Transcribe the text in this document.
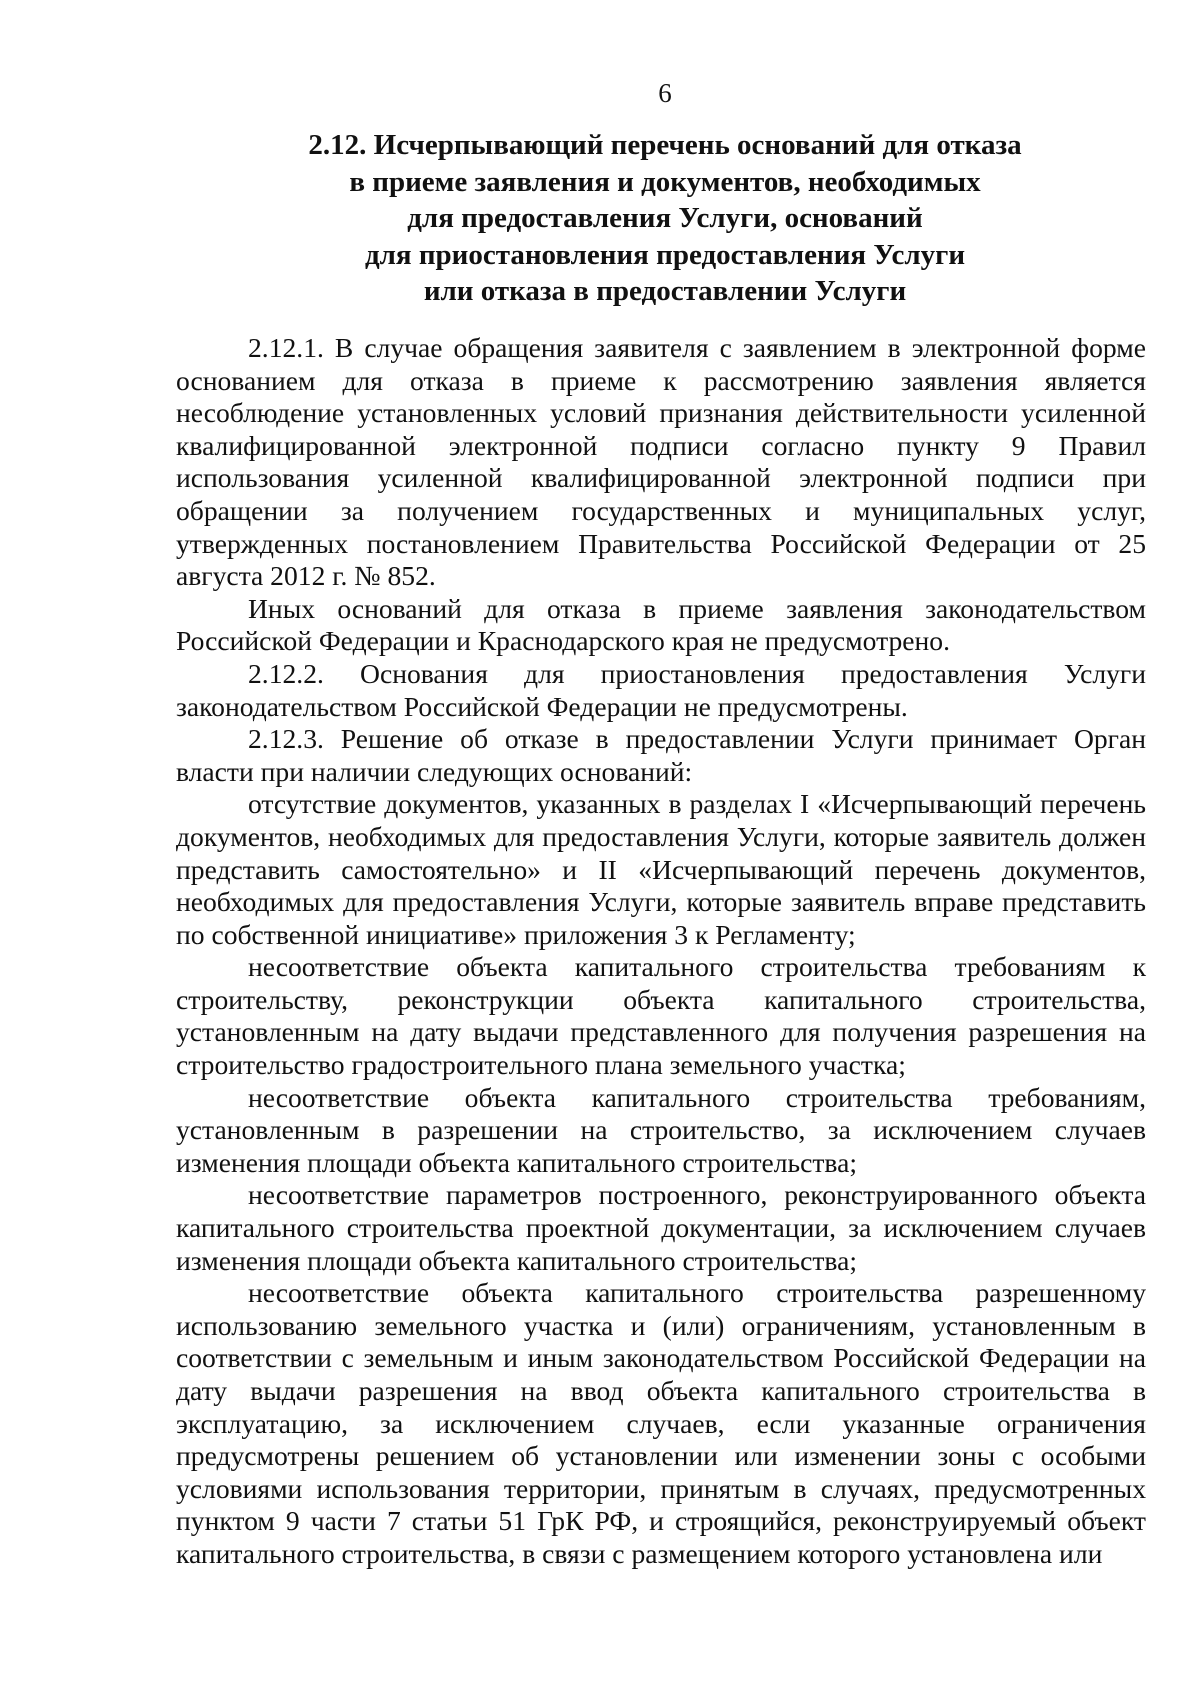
6
2.12. Исчерпывающий перечень оснований для отказа
в приеме заявления и документов, необходимых
для предоставления Услуги, оснований
для приостановления предоставления Услуги
или отказа в предоставлении Услуги

2.12.1. В случае обращения заявителя с заявлением в электронной форме основанием для отказа в приеме к рассмотрению заявления является несоблюдение установленных условий признания действительности усиленной квалифицированной электронной подписи согласно пункту 9 Правил использования усиленной квалифицированной электронной подписи при обращении за получением государственных и муниципальных услуг, утвержденных постановлением Правительства Российской Федерации от 25 августа 2012 г. № 852.

Иных оснований для отказа в приеме заявления законодательством Российской Федерации и Краснодарского края не предусмотрено.

2.12.2. Основания для приостановления предоставления Услуги законодательством Российской Федерации не предусмотрены.

2.12.3. Решение об отказе в предоставлении Услуги принимает Орган власти при наличии следующих оснований:

отсутствие документов, указанных в разделах I «Исчерпывающий перечень документов, необходимых для предоставления Услуги, которые заявитель должен представить самостоятельно» и II «Исчерпывающий перечень документов, необходимых для предоставления Услуги, которые заявитель вправе представить по собственной инициативе» приложения 3 к Регламенту;

несоответствие объекта капитального строительства требованиям к строительству, реконструкции объекта капитального строительства, установленным на дату выдачи представленного для получения разрешения на строительство градостроительного плана земельного участка;

несоответствие объекта капитального строительства требованиям, установленным в разрешении на строительство, за исключением случаев изменения площади объекта капитального строительства;

несоответствие параметров построенного, реконструированного объекта капитального строительства проектной документации, за исключением случаев изменения площади объекта капитального строительства;

несоответствие объекта капитального строительства разрешенному использованию земельного участка и (или) ограничениям, установленным в соответствии с земельным и иным законодательством Российской Федерации на дату выдачи разрешения на ввод объекта капитального строительства в эксплуатацию, за исключением случаев, если указанные ограничения предусмотрены решением об установлении или изменении зоны с особыми условиями использования территории, принятым в случаях, предусмотренных пунктом 9 части 7 статьи 51 ГрК РФ, и строящийся, реконструируемый объект капитального строительства, в связи с размещением которого установлена или
